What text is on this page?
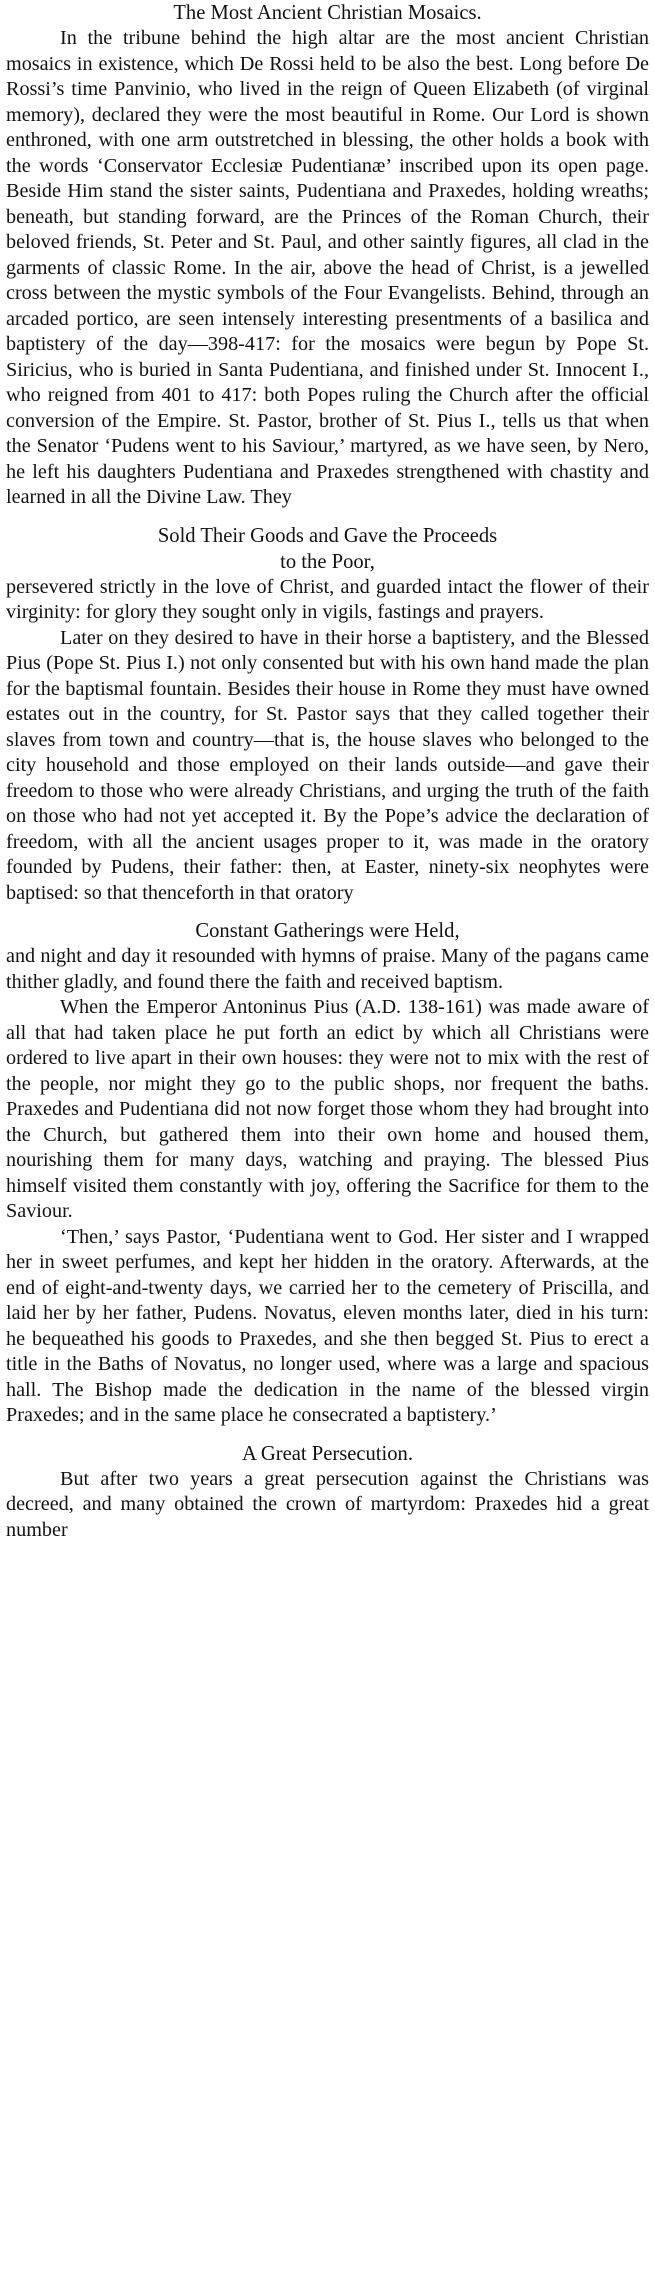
The Most Ancient Christian Mosaics.

In the tribune behind the high altar are the most ancient Christian mosaics in existence, which De Rossi held to be also the best. Long before De Rossi’s time Panvinio, who lived in the reign of Queen Elizabeth (of virginal memory), declared they were the most beautiful in Rome. Our Lord is shown enthroned, with one arm outstretched in blessing, the other holds a book with the words ‘Conservator Ecclesiæ Pudentianæ’ inscribed upon its open page. Beside Him stand the sister saints, Pudentiana and Praxedes, holding wreaths; beneath, but standing forward, are the Princes of the Roman Church, their beloved friends, St. Peter and St. Paul, and other saintly figures, all clad in the garments of classic Rome. In the air, above the head of Christ, is a jewelled cross between the mystic symbols of the Four Evangelists. Behind, through an arcaded portico, are seen intensely interesting presentments of a basilica and baptistery of the day—398-417: for the mosaics were begun by Pope St. Siricius, who is buried in Santa Pudentiana, and finished under St. Innocent I., who reigned from 401 to 417: both Popes ruling the Church after the official conversion of the Empire. St. Pastor, brother of St. Pius I., tells us that when the Senator ‘Pudens went to his Saviour,’ martyred, as we have seen, by Nero, he left his daughters Pudentiana and Praxedes strengthened with chastity and learned in all the Divine Law. They

Sold Their Goods and Gave the Proceeds
to the Poor,

persevered strictly in the love of Christ, and guarded intact the flower of their virginity: for glory they sought only in vigils, fastings and prayers.

Later on they desired to have in their horse a baptistery, and the Blessed Pius (Pope St. Pius I.) not only consented but with his own hand made the plan for the baptismal fountain. Besides their house in Rome they must have owned estates out in the country, for St. Pastor says that they called together their slaves from town and country—that is, the house slaves who belonged to the city household and those employed on their lands outside—and gave their freedom to those who were already Christians, and urging the truth of the faith on those who had not yet accepted it. By the Pope’s advice the declaration of freedom, with all the ancient usages proper to it, was made in the oratory founded by Pudens, their father: then, at Easter, ninety-six neophytes were baptised: so that thenceforth in that oratory

Constant Gatherings were Held,

and night and day it resounded with hymns of praise. Many of the pagans came thither gladly, and found there the faith and received baptism.

When the Emperor Antoninus Pius (A.D. 138-161) was made aware of all that had taken place he put forth an edict by which all Christians were ordered to live apart in their own houses: they were not to mix with the rest of the people, nor might they go to the public shops, nor frequent the baths. Praxedes and Pudentiana did not now forget those whom they had brought into the Church, but gathered them into their own home and housed them, nourishing them for many days, watching and praying. The blessed Pius himself visited them constantly with joy, offering the Sacrifice for them to the Saviour.

‘Then,’ says Pastor, ‘Pudentiana went to God. Her sister and I wrapped her in sweet perfumes, and kept her hidden in the oratory. Afterwards, at the end of eight-and-twenty days, we carried her to the cemetery of Priscilla, and laid her by her father, Pudens. Novatus, eleven months later, died in his turn: he bequeathed his goods to Praxedes, and she then begged St. Pius to erect a title in the Baths of Novatus, no longer used, where was a large and spacious hall. The Bishop made the dedication in the name of the blessed virgin Praxedes; and in the same place he consecrated a baptistery.’

A Great Persecution.

But after two years a great persecution against the Christians was decreed, and many obtained the crown of martyrdom: Praxedes hid a great number
